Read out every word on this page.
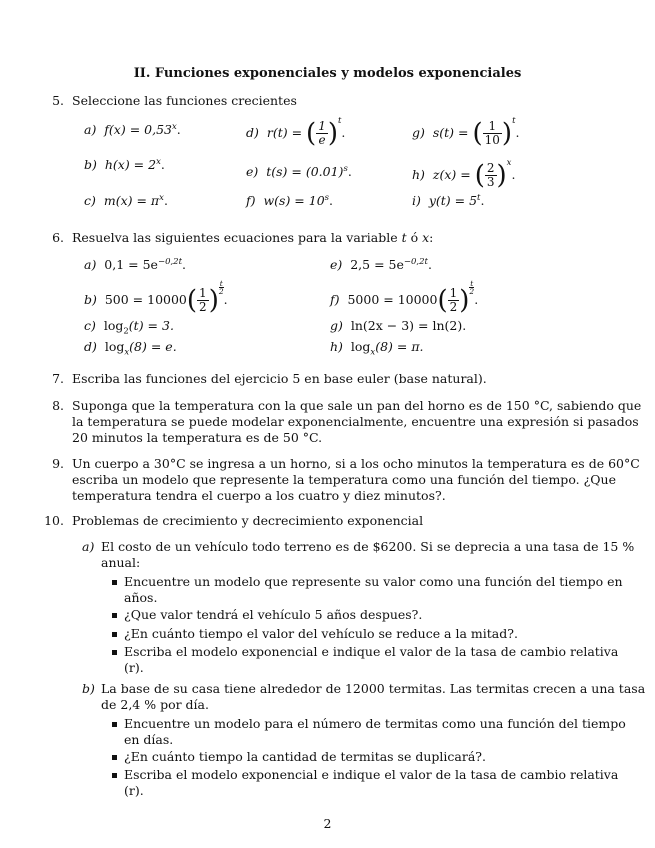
II. Funciones exponenciales y modelos exponenciales
5. Seleccione las funciones crecientes
a) $f(x) = 0,53^x$.
b) $h(x) = 2^x$.
c) $m(x) = \pi^x$.
d) r(t) = ( $\frac{1}{e} )^t$.
e) $t(s) = (0.01)^s$.
f) $w(s) = 10^s$.
g) s(t) = ( $\frac{1}{10} )^t$.
h) z(x) = ( $\frac{2}{3} )^x$.
i) $y(t) = 5^t$.
6. Resuelva las siguientes ecuaciones para la variable t ó x:
a) $0,1 = 5e^{-0,2t}$.
b) $500 = 10000( \frac{1}{2}$ ) $\frac{t}{2}$
.
c) $\log_2(t) = 3$.
d) $\log_x(8) = e$.
e) $2,5 = 5e^{-0,2t}$.
f) $5000 = 10000( \frac{1}{2}$ ) $\frac{t}{2}$
.
g) ln(2x − 3) = ln(2).
h) $\log_x(8) = \pi$.
7. Escriba las funciones del ejercicio 5 en base euler (base natural).
8. Suponga que la temperatura con la que sale un pan del horno es de 150 °C, sabiendo que
la temperatura se puede modelar exponencialmente, encuentre una expresión si pasados
20 minutos la temperatura es de 50 °C.
9. Un cuerpo a 30°C se ingresa a un horno, si a los ocho minutos la temperatura es de 60°C
escriba un modelo que represente la temperatura como una función del tiempo. ¿Que
temperatura tendra el cuerpo a los cuatro y diez minutos?.
10. Problemas de crecimiento y decrecimiento exponencial
a) El costo de un vehículo todo terreno es de $6200. Si se deprecia a una tasa de 15 %
anual:
Encuentre un modelo que represente su valor como una función del tiempo en
años.
¿Que valor tendrá el vehículo 5 años despues?.
¿En cuánto tiempo el valor del vehículo se reduce a la mitad?.
Escriba el modelo exponencial e indique el valor de la tasa de cambio relativa
(r).
b) La base de su casa tiene alrededor de 12000 termitas. Las termitas crecen a una tasa
de 2,4 % por día.
Encuentre un modelo para el número de termitas como una función del tiempo
en días.
¿En cuánto tiempo la cantidad de termitas se duplicará?.
Escriba el modelo exponencial e indique el valor de la tasa de cambio relativa
(r).
2
